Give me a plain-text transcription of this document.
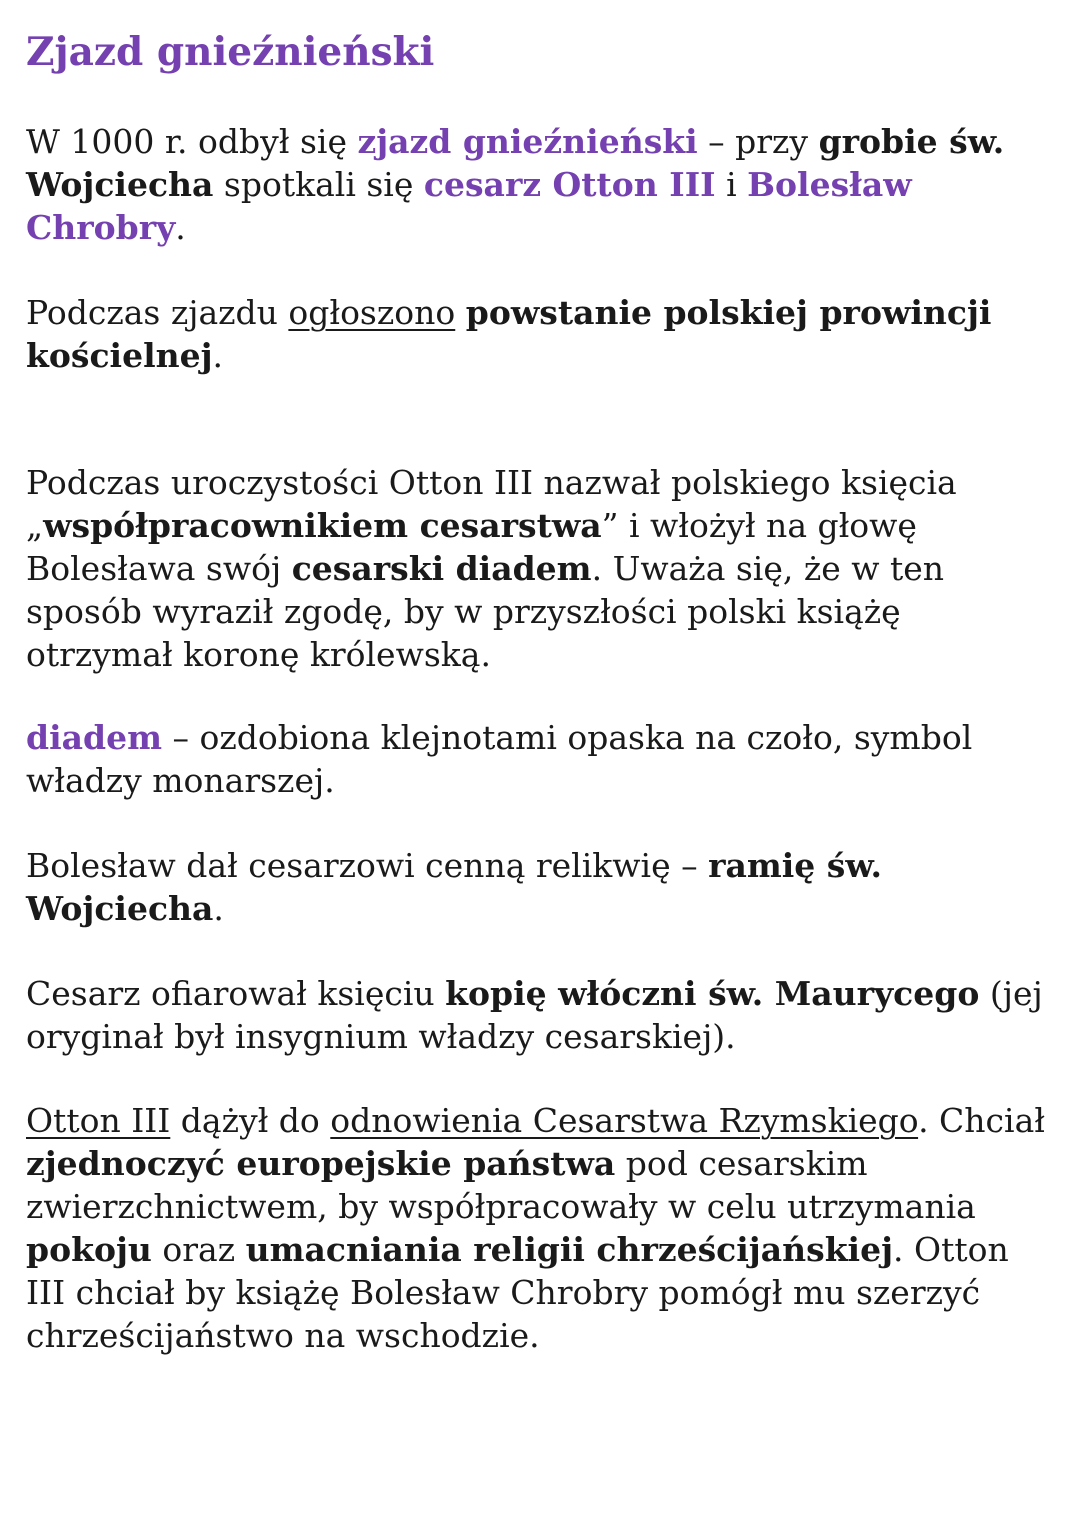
Zjazd gnieźnieński

W 1000 r. odbył się zjazd gnieźnieński – przy grobie św. Wojciecha spotkali się cesarz Otton III i Bolesław Chrobry.

Podczas zjazdu ogłoszono powstanie polskiej prowincji kościelnej.

Podczas uroczystości Otton III nazwał polskiego księcia „współpracownikiem cesarstwa” i włożył na głowę Bolesława swój cesarski diadem. Uważa się, że w ten sposób wyraził zgodę, by w przyszłości polski książę otrzymał koronę królewską.

diadem – ozdobiona klejnotami opaska na czoło, symbol władzy monarszej.

Bolesław dał cesarzowi cenną relikwię – ramię św. Wojciecha.

Cesarz ofiarował księciu kopię włóczni św. Maurycego (jej oryginał był insygnium władzy cesarskiej).

Otton III dążył do odnowienia Cesarstwa Rzymskiego. Chciał zjednoczyć europejskie państwa pod cesarskim zwierzchnictwem, by współpracowały w celu utrzymania pokoju oraz umacniania religii chrześcijańskiej. Otton III chciał by książę Bolesław Chrobry pomógł mu szerzyć chrześcijaństwo na wschodzie.
